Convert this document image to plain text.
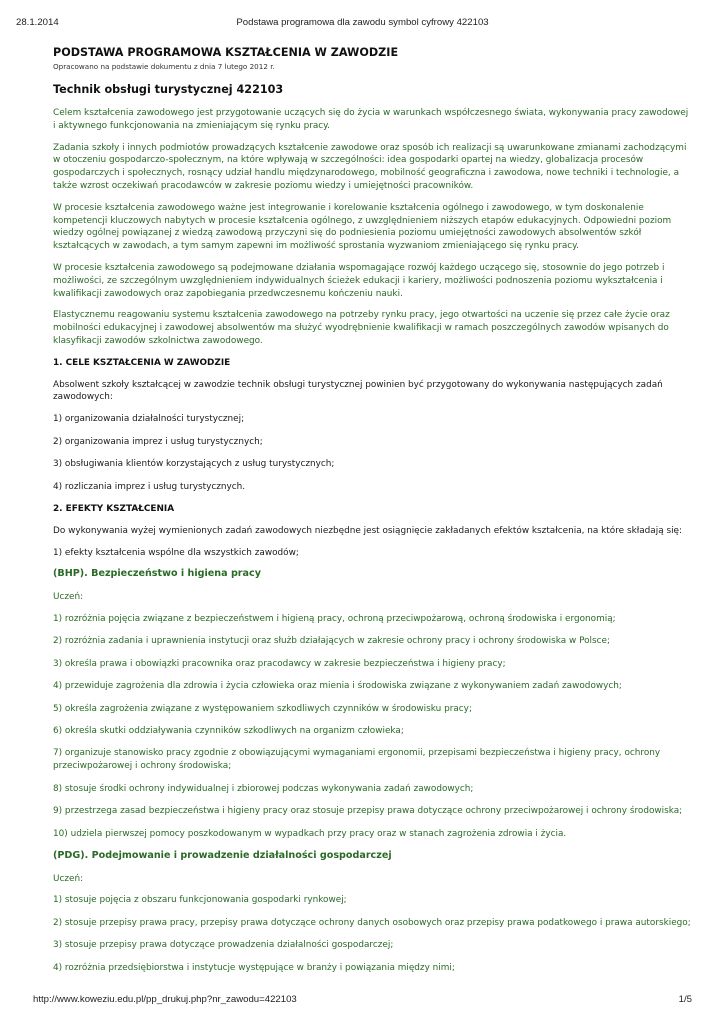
28.1.2014	Podstawa programowa dla zawodu symbol cyfrowy 422103
PODSTAWA PROGRAMOWA KSZTAŁCENIA W ZAWODZIE
Opracowano na podstawie dokumentu z dnia 7 lutego 2012 r.
Technik obsługi turystycznej 422103

Celem kształcenia zawodowego jest przygotowanie uczących się do życia w warunkach współczesnego świata, wykonywania pracy zawodowej i aktywnego funkcjonowania na zmieniającym się rynku pracy.

Zadania szkoły i innych podmiotów prowadzących kształcenie zawodowe oraz sposób ich realizacji są uwarunkowane zmianami zachodzącymi w otoczeniu gospodarczo-społecznym, na które wpływają w szczególności: idea gospodarki opartej na wiedzy, globalizacja procesów gospodarczych i społecznych, rosnący udział handlu międzynarodowego, mobilność geograficzna i zawodowa, nowe techniki i technologie, a także wzrost oczekiwań pracodawców w zakresie poziomu wiedzy i umiejętności pracowników.

W procesie kształcenia zawodowego ważne jest integrowanie i korelowanie kształcenia ogólnego i zawodowego, w tym doskonalenie kompetencji kluczowych nabytych w procesie kształcenia ogólnego, z uwzględnieniem niższych etapów edukacyjnych. Odpowiedni poziom wiedzy ogólnej powiązanej z wiedzą zawodową przyczyni się do podniesienia poziomu umiejętności zawodowych absolwentów szkół kształcących w zawodach, a tym samym zapewni im możliwość sprostania wyzwaniom zmieniającego się rynku pracy.

W procesie kształcenia zawodowego są podejmowane działania wspomagające rozwój każdego uczącego się, stosownie do jego potrzeb i możliwości, ze szczególnym uwzględnieniem indywidualnych ścieżek edukacji i kariery, możliwości podnoszenia poziomu wykształcenia i kwalifikacji zawodowych oraz zapobiegania przedwczesnemu kończeniu nauki.

Elastycznemu reagowaniu systemu kształcenia zawodowego na potrzeby rynku pracy, jego otwartości na uczenie się przez całe życie oraz mobilności edukacyjnej i zawodowej absolwentów ma służyć wyodrębnienie kwalifikacji w ramach poszczególnych zawodów wpisanych do klasyfikacji zawodów szkolnictwa zawodowego.

1. CELE KSZTAŁCENIA W ZAWODZIE

Absolwent szkoły kształcącej w zawodzie technik obsługi turystycznej powinien być przygotowany do wykonywania następujących zadań zawodowych:

1) organizowania działalności turystycznej;

2) organizowania imprez i usług turystycznych;

3) obsługiwania klientów korzystających z usług turystycznych;

4) rozliczania imprez i usług turystycznych.

2. EFEKTY KSZTAŁCENIA

Do wykonywania wyżej wymienionych zadań zawodowych niezbędne jest osiągnięcie zakładanych efektów kształcenia, na które składają się:

1) efekty kształcenia wspólne dla wszystkich zawodów;

(BHP). Bezpieczeństwo i higiena pracy

Uczeń:

1) rozróżnia pojęcia związane z bezpieczeństwem i higieną pracy, ochroną przeciwpożarową, ochroną środowiska i ergonomią;

2) rozróżnia zadania i uprawnienia instytucji oraz służb działających w zakresie ochrony pracy i ochrony środowiska w Polsce;

3) określa prawa i obowiązki pracownika oraz pracodawcy w zakresie bezpieczeństwa i higieny pracy;

4) przewiduje zagrożenia dla zdrowia i życia człowieka oraz mienia i środowiska związane z wykonywaniem zadań zawodowych;

5) określa zagrożenia związane z występowaniem szkodliwych czynników w środowisku pracy;

6) określa skutki oddziaływania czynników szkodliwych na organizm człowieka;

7) organizuje stanowisko pracy zgodnie z obowiązującymi wymaganiami ergonomii, przepisami bezpieczeństwa i higieny pracy, ochrony przeciwpożarowej i ochrony środowiska;

8) stosuje środki ochrony indywidualnej i zbiorowej podczas wykonywania zadań zawodowych;

9) przestrzega zasad bezpieczeństwa i higieny pracy oraz stosuje przepisy prawa dotyczące ochrony przeciwpożarowej i ochrony środowiska;

10) udziela pierwszej pomocy poszkodowanym w wypadkach przy pracy oraz w stanach zagrożenia zdrowia i życia.

(PDG). Podejmowanie i prowadzenie działalności gospodarczej

Uczeń:

1) stosuje pojęcia z obszaru funkcjonowania gospodarki rynkowej;

2) stosuje przepisy prawa pracy, przepisy prawa dotyczące ochrony danych osobowych oraz przepisy prawa podatkowego i prawa autorskiego;

3) stosuje przepisy prawa dotyczące prowadzenia działalności gospodarczej;

4) rozróżnia przedsiębiorstwa i instytucje występujące w branży i powiązania między nimi;

http://www.koweziu.edu.pl/pp_drukuj.php?nr_zawodu=422103	1/5
